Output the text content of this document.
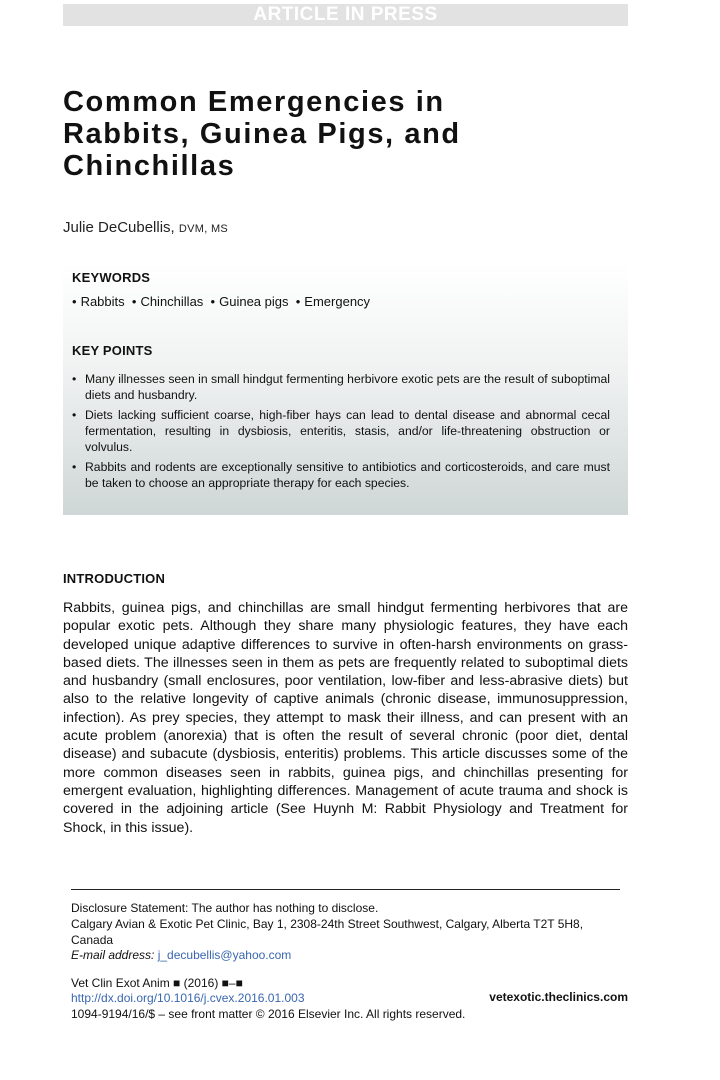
ARTICLE IN PRESS
Common Emergencies in
Rabbits, Guinea Pigs, and
Chinchillas
Julie DeCubellis, DVM, MS
KEYWORDS
• Rabbits • Chinchillas • Guinea pigs • Emergency
KEY POINTS
• Many illnesses seen in small hindgut fermenting herbivore exotic pets are the result of suboptimal diets and husbandry.
• Diets lacking sufficient coarse, high-fiber hays can lead to dental disease and abnormal cecal fermentation, resulting in dysbiosis, enteritis, stasis, and/or life-threatening obstruction or volvulus.
• Rabbits and rodents are exceptionally sensitive to antibiotics and corticosteroids, and care must be taken to choose an appropriate therapy for each species.
INTRODUCTION

Rabbits, guinea pigs, and chinchillas are small hindgut fermenting herbivores that are popular exotic pets. Although they share many physiologic features, they have each developed unique adaptive differences to survive in often-harsh environments on grass-based diets. The illnesses seen in them as pets are frequently related to suboptimal diets and husbandry (small enclosures, poor ventilation, low-fiber and less-abrasive diets) but also to the relative longevity of captive animals (chronic disease, immunosuppression, infection). As prey species, they attempt to mask their illness, and can present with an acute problem (anorexia) that is often the result of several chronic (poor diet, dental disease) and subacute (dysbiosis, enteritis) problems. This article discusses some of the more common diseases seen in rabbits, guinea pigs, and chinchillas presenting for emergent evaluation, highlighting differences. Management of acute trauma and shock is covered in the adjoining article (See Huynh M: Rabbit Physiology and Treatment for Shock, in this issue).

Disclosure Statement: The author has nothing to disclose.
Calgary Avian & Exotic Pet Clinic, Bay 1, 2308-24th Street Southwest, Calgary, Alberta T2T 5H8, Canada
E-mail address: j_decubellis@yahoo.com
Vet Clin Exot Anim ■ (2016) ■–■
http://dx.doi.org/10.1016/j.cvex.2016.01.003	vetexotic.theclinics.com
1094-9194/16/$ – see front matter © 2016 Elsevier Inc. All rights reserved.
